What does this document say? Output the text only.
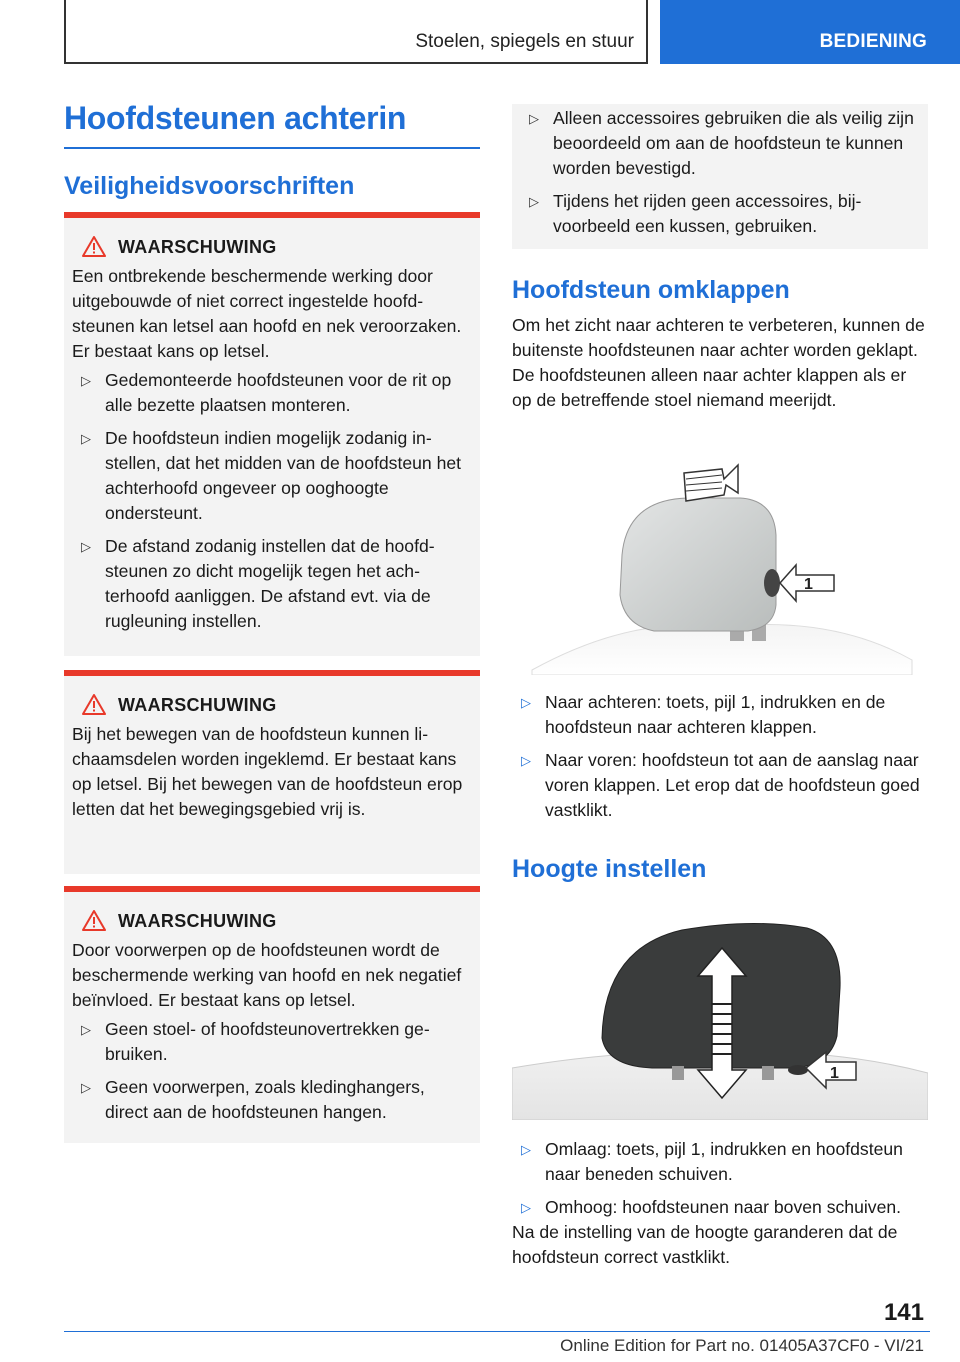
Stoelen, spiegels en stuur	BEDIENING
Hoofdsteunen achterin
Veiligheidsvoorschriften
WAARSCHUWING

Een ontbrekende beschermende werking door uitgebouwde of niet correct ingestelde hoofdsteunen kan letsel aan hoofd en nek veroorzaken. Er bestaat kans op letsel.

▷ Gedemonteerde hoofdsteunen voor de rit op alle bezette plaatsen monteren.
▷ De hoofdsteun indien mogelijk zodanig instellen, dat het midden van de hoofdsteun het achterhoofd ongeveer op ooghoogte ondersteunt.
▷ De afstand zodanig instellen dat de hoofdsteunen zo dicht mogelijk tegen het achterhoofd aanliggen. De afstand evt. via de rugleuning instellen.
WAARSCHUWING

Bij het bewegen van de hoofdsteun kunnen lichaamsdelen worden ingeklemd. Er bestaat kans op letsel. Bij het bewegen van de hoofdsteun erop letten dat het bewegingsgebied vrij is.

WAARSCHUWING

Door voorwerpen op de hoofdsteunen wordt de beschermende werking van hoofd en nek negatief beïnvloed. Er bestaat kans op letsel.

▷ Geen stoel- of hoofdsteunovertrekken gebruiken.
▷ Geen voorwerpen, zoals kledinghangers, direct aan de hoofdsteunen hangen.
▷ Alleen accessoires gebruiken die als veilig zijn beoordeeld om aan de hoofdsteun te kunnen worden bevestigd.
▷ Tijdens het rijden geen accessoires, bijvoorbeeld een kussen, gebruiken.
Hoofdsteun omklappen
Om het zicht naar achteren te verbeteren, kunnen de buitenste hoofdsteunen naar achter worden geklapt. De hoofdsteunen alleen naar achter klappen als er op de betreffende stoel niemand meerijdt.
1
▷ Naar achteren: toets, pijl 1, indrukken en de hoofdsteun naar achteren klappen.
▷ Naar voren: hoofdsteun tot aan de aanslag naar voren klappen. Let erop dat de hoofdsteun goed vastklikt.
Hoogte instellen
1
▷ Omlaag: toets, pijl 1, indrukken en hoofdsteun naar beneden schuiven.
▷ Omhoog: hoofdsteunen naar boven schuiven.
Na de instelling van de hoogte garanderen dat de hoofdsteun correct vastklikt.
141
Online Edition for Part no. 01405A37CF0 - VI/21
